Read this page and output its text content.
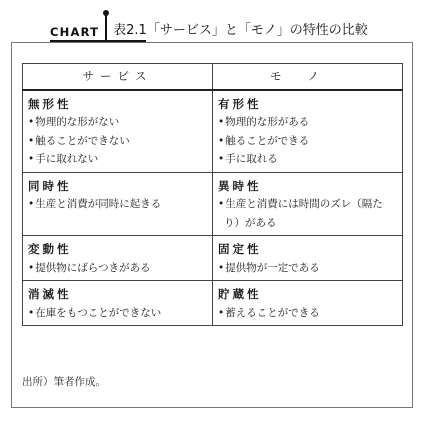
CHART	表2.1「サービス」と「モノ」の特性の比較
サービス	モノ

無形性
• 物理的な形がない
• 触ることができない
• 手に取れない	有形性
• 物理的な形がある
• 触ることができる
• 手に取れる

同時性
• 生産と消費が同時に起きる	異時性
• 生産と消費には時間のズレ（隔たり）がある

変動性
• 提供物にばらつきがある	固定性
• 提供物が一定である

消滅性
• 在庫をもつことができない	貯蔵性
• 蓄えることができる
出所）筆者作成。
